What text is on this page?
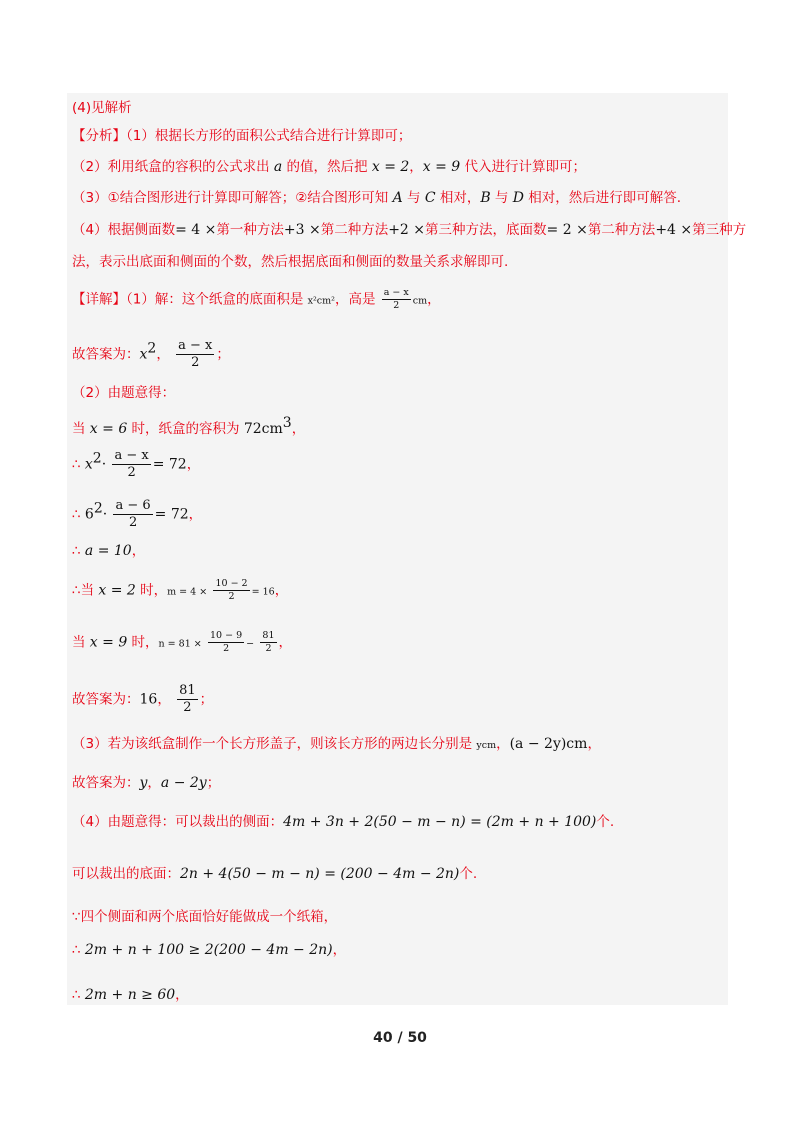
(4)见解析
【分析】（1）根据长方形的面积公式结合进行计算即可；
（2）利用纸盒的容积的公式求出 a 的值，然后把 x = 2，x = 9 代入进行计算即可；
（3）①结合图形进行计算即可解答；②结合图形可知 A 与 C 相对，B 与 D 相对，然后进行即可解答.
（4）根据侧面数= 4 ×第一种方法+3 ×第二种方法+2 ×第三种方法，底面数= 2 ×第二种方法+4 ×第三种方
法，表示出底面和侧面的个数，然后根据底面和侧面的数量关系求解即可.
【详解】（1）解：这个纸盒的底面积是 x²cm²，高是 $\frac{a - x}{2}$ cm，
故答案为：$x^2$， $\frac{a - x}{2}$ ；
（2）由题意得：
当 x = 6 时，纸盒的容积为 $72cm^3$，
∴ $x^2\cdot \frac{a - x}{2} = 72$，
∴ $6^2\cdot \frac{a - 6}{2} = 72$，
∴ a = 10，
∴当 x = 2 时，$m = 4 \times \frac{10 - 2}{2} = 16$，
当 x = 9 时，$n = 81 \times \frac{10 - 9}{2} - \frac{81}{2}$ ，
故答案为：16， $\frac{81}{2}$ ；
（3）若为该纸盒制作一个长方形盖子，则该长方形的两边长分别是 ycm，(a − 2y)cm，
故答案为：y，a − 2y；
（4）由题意得：可以裁出的侧面：4m + 3n + 2(50 − m − n) = (2m + n + 100)个.
可以裁出的底面：2n + 4(50 − m − n) = (200 − 4m − 2n)个.
∵四个侧面和两个底面恰好能做成一个纸箱，
∴ 2m + n + 100 ≥ 2(200 − 4m − 2n)，
∴ 2m + n ≥ 60，
40 / 50
